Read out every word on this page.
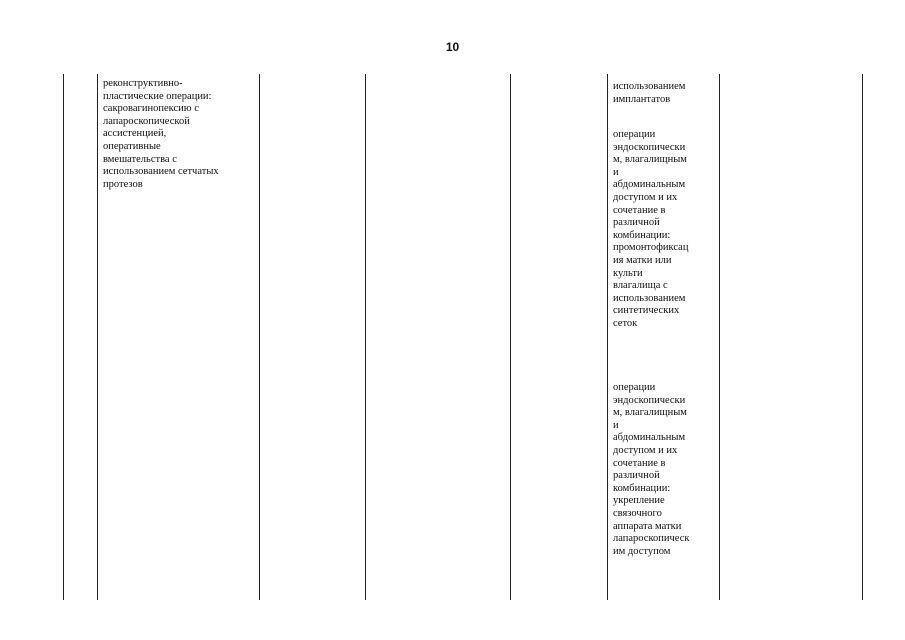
10
реконструктивно-
пластические операции:
сакровагинопексию с
лапароскопической
ассистенцией,
оперативные
вмешательства с
использованием сетчатых
протезов
использованием
имплантатов
операции
эндоскопически
м, влагалищным
и
абдоминальным
доступом и их
сочетание в
различной
комбинации:
промонтофиксац
ия матки или
культи
влагалища с
использованием
синтетических
сеток
операции
эндоскопически
м, влагалищным
и
абдоминальным
доступом и их
сочетание в
различной
комбинации:
укрепление
связочного
аппарата матки
лапароскопическ
им доступом
